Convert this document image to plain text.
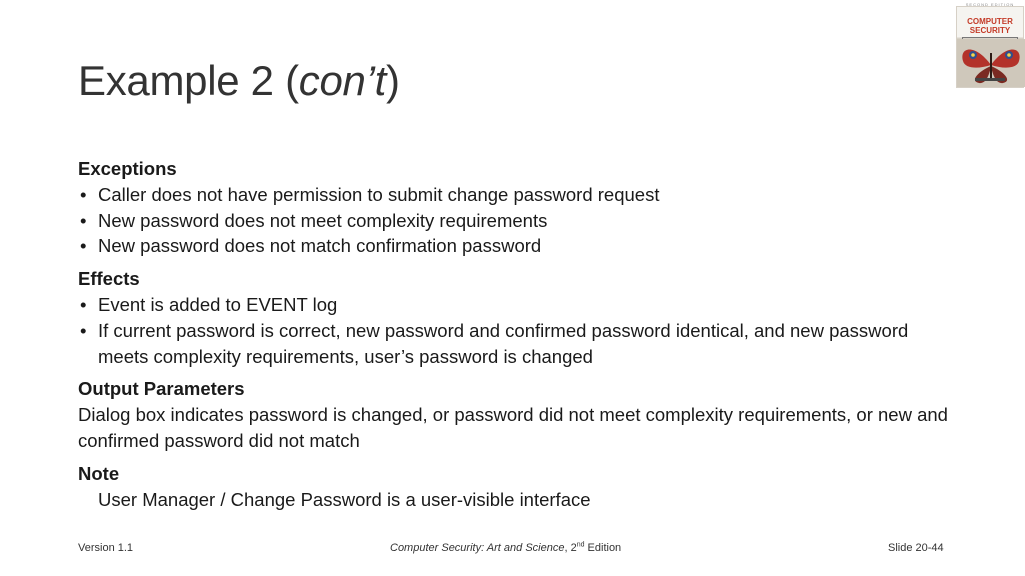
Example 2 (con’t)
SECOND EDITION
COMPUTER
SECURITY
Exceptions
• Caller does not have permission to submit change password request
• New password does not meet complexity requirements
• New password does not match confirmation password
Effects
• Event is added to EVENT log
• If current password is correct, new password and confirmed password identical, and new password meets complexity requirements, user’s password is changed
Output Parameters
Dialog box indicates password is changed, or password did not meet complexity requirements, or new and confirmed password did not match
Note
User Manager / Change Password is a user-visible interface
Version 1.1	Computer Security: Art and Science, 2nd Edition	Slide 20-44
